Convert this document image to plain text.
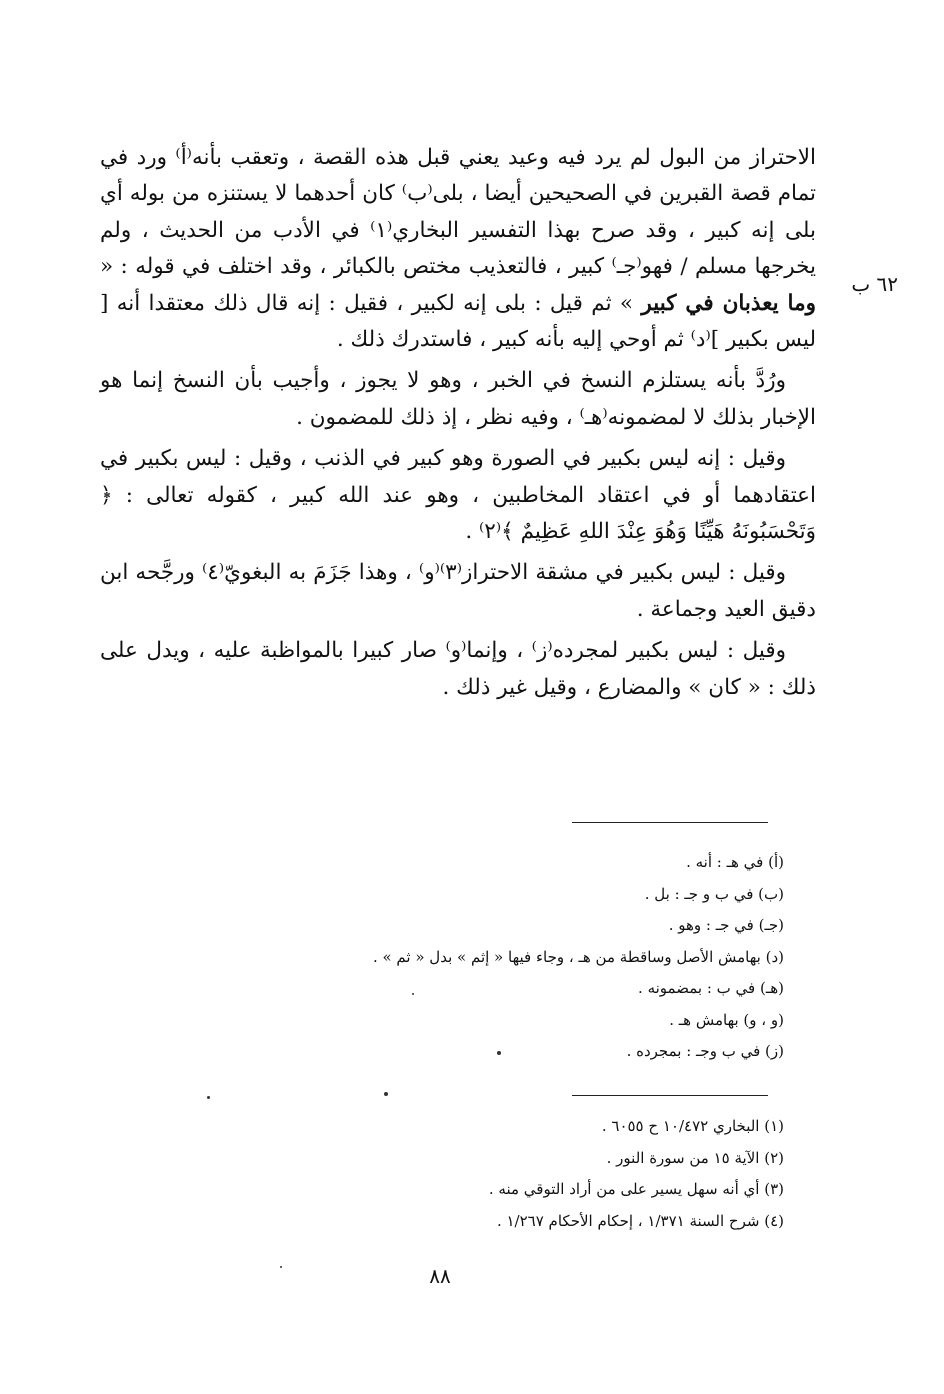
٦٢ ب

الاحتراز من البول لم يرد فيه وعيد يعني قبل هذه القصة ، وتعقب بأنه⁽أ⁾ ورد في تمام قصة القبرين في الصحيحين أيضا ، بلى⁽ب⁾ كان أحدهما لا يستنزه من بوله أي بلى إنه كبير ، وقد صرح بهذا التفسير البخاري⁽١⁾ في الأدب من الحديث ، ولم يخرجها مسلم / فهو⁽جـ⁾ كبير ، فالتعذيب مختص بالكبائر ، وقد اختلف في قوله : « وما يعذبان في كبير » ثم قيل : بلى إنه لكبير ، فقيل : إنه قال ذلك معتقدا أنه [ ليس بكبير ]⁽د⁾ ثم أوحي إليه بأنه كبير ، فاستدرك ذلك .

ورُدَّ بأنه يستلزم النسخ في الخبر ، وهو لا يجوز ، وأجيب بأن النسخ إنما هو الإخبار بذلك لا لمضمونه⁽هـ⁾ ، وفيه نظر ، إذ ذلك للمضمون .

وقيل : إنه ليس بكبير في الصورة وهو كبير في الذنب ، وقيل : ليس بكبير في اعتقادهما أو في اعتقاد المخاطبين ، وهو عند الله كبير ، كقوله تعالى : ﴿ وَتَحْسَبُونَهُ هَيِّنًا وَهُوَ عِنْدَ اللهِ عَظِيمٌ ﴾⁽٢⁾ .

وقيل : ليس بكبير في مشقة الاحتراز⁽٣⁾⁽و⁾ ، وهذا جَزَمَ به البغويّ⁽٤⁾ ورجَّحه ابن دقيق العيد وجماعة .

وقيل : ليس بكبير لمجرده⁽ز⁾ ، وإنما⁽و⁾ صار كبيرا بالمواظبة عليه ، ويدل على ذلك : « كان » والمضارع ، وقيل غير ذلك .

(أ) في هـ : أنه .
(ب) في ب و جـ : بل .
(جـ) في جـ : وهو .
(د) بهامش الأصل وساقطة من هـ ، وجاء فيها « إثم » بدل « ثم » .
(هـ) في ب : بمضمونه .
(و ، و) بهامش هـ .
(ز) في ب وجـ : بمجرده .
(١) البخاري ١٠/٤٧٢ ح ٦٠٥٥ .
(٢) الآية ١٥ من سورة النور .
(٣) أي أنه سهل يسير على من أراد التوقي منه .
(٤) شرح السنة ١/٣٧١ ، إحكام الأحكام ١/٢٦٧ .
٨٨
